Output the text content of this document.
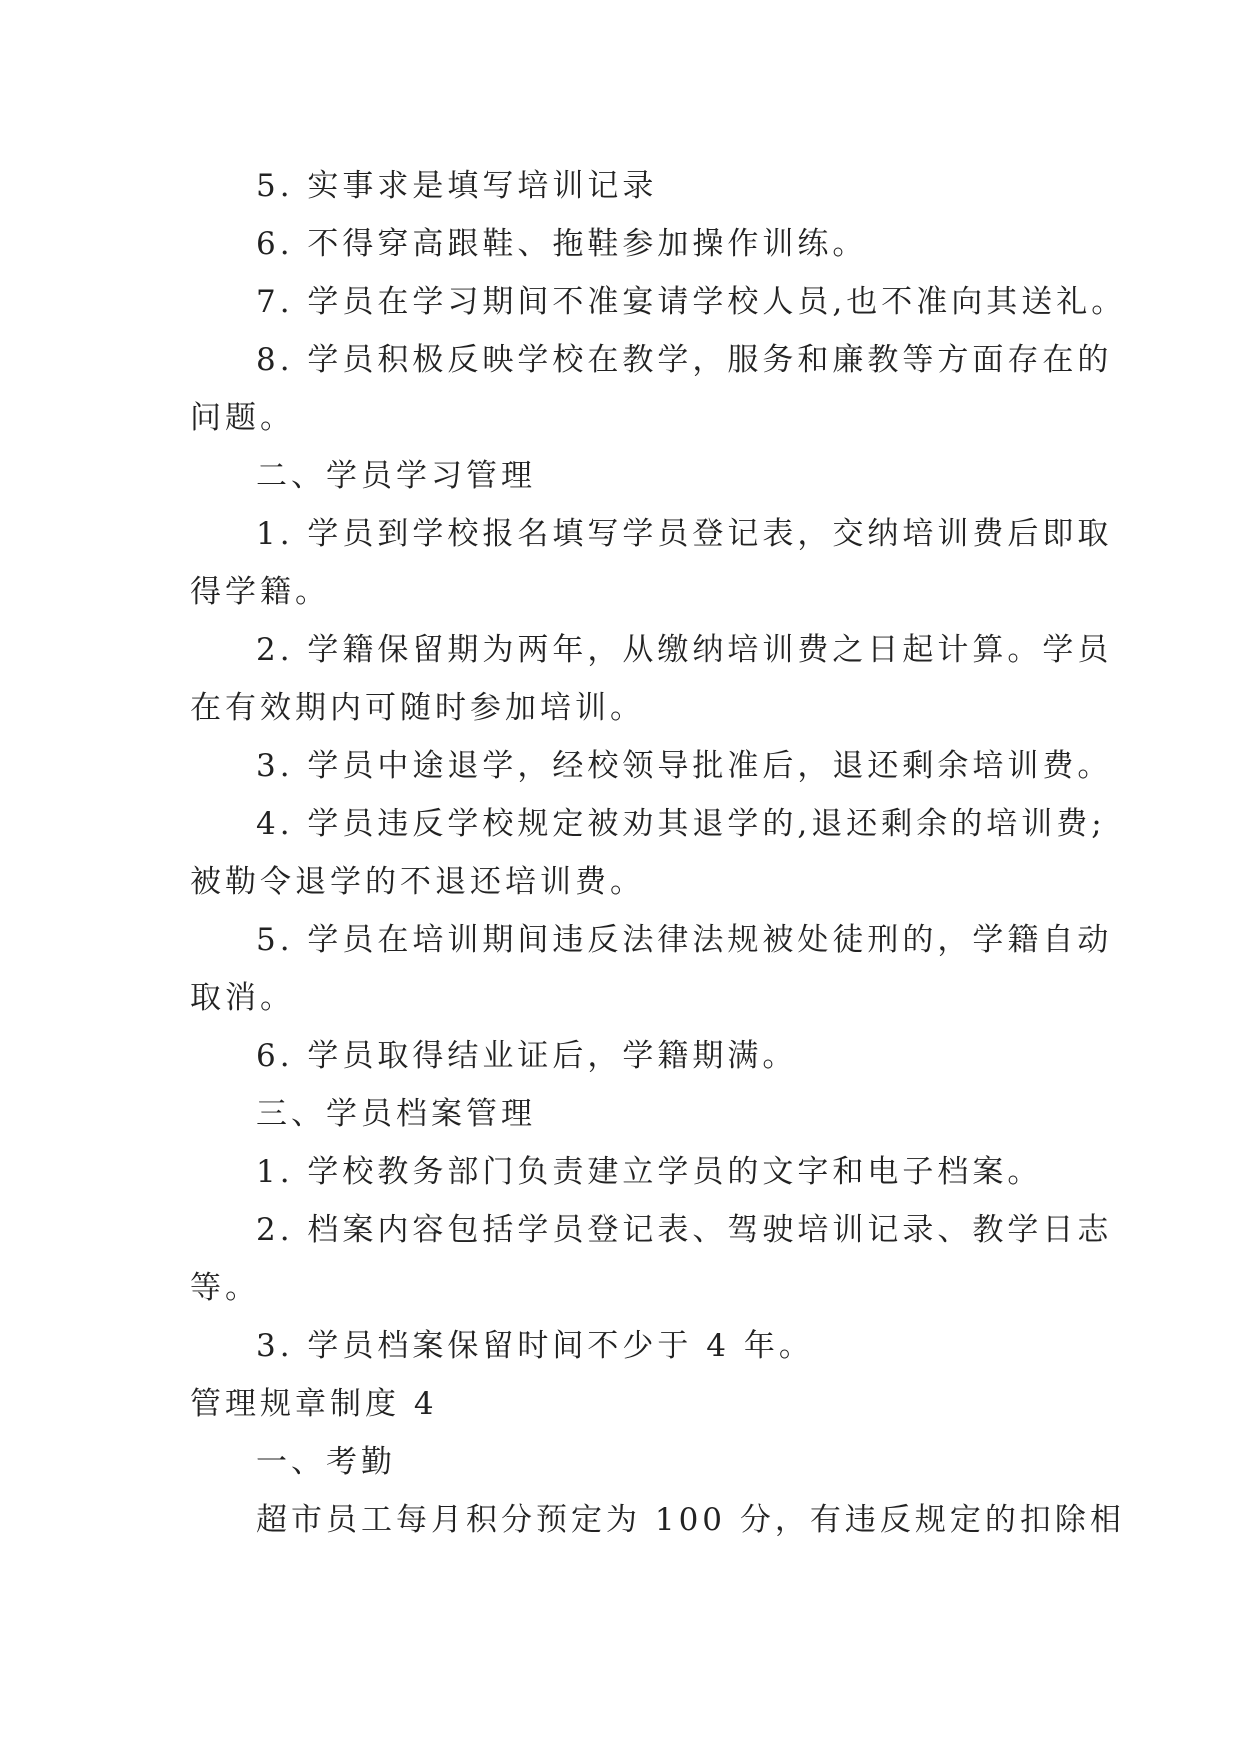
5. 实事求是填写培训记录
6. 不得穿高跟鞋、拖鞋参加操作训练。
7. 学员在学习期间不准宴请学校人员,也不准向其送礼。
8. 学员积极反映学校在教学，服务和廉教等方面存在的
问题。
二、学员学习管理
1. 学员到学校报名填写学员登记表，交纳培训费后即取
得学籍。
2. 学籍保留期为两年，从缴纳培训费之日起计算。学员
在有效期内可随时参加培训。
3. 学员中途退学，经校领导批准后，退还剩余培训费。
4. 学员违反学校规定被劝其退学的,退还剩余的培训费;
被勒令退学的不退还培训费。
5. 学员在培训期间违反法律法规被处徒刑的，学籍自动
取消。
6. 学员取得结业证后，学籍期满。
三、学员档案管理
1. 学校教务部门负责建立学员的文字和电子档案。
2. 档案内容包括学员登记表、驾驶培训记录、教学日志
等。
3. 学员档案保留时间不少于 4 年。
管理规章制度 4
一、考勤
超市员工每月积分预定为 100 分，有违反规定的扣除相
